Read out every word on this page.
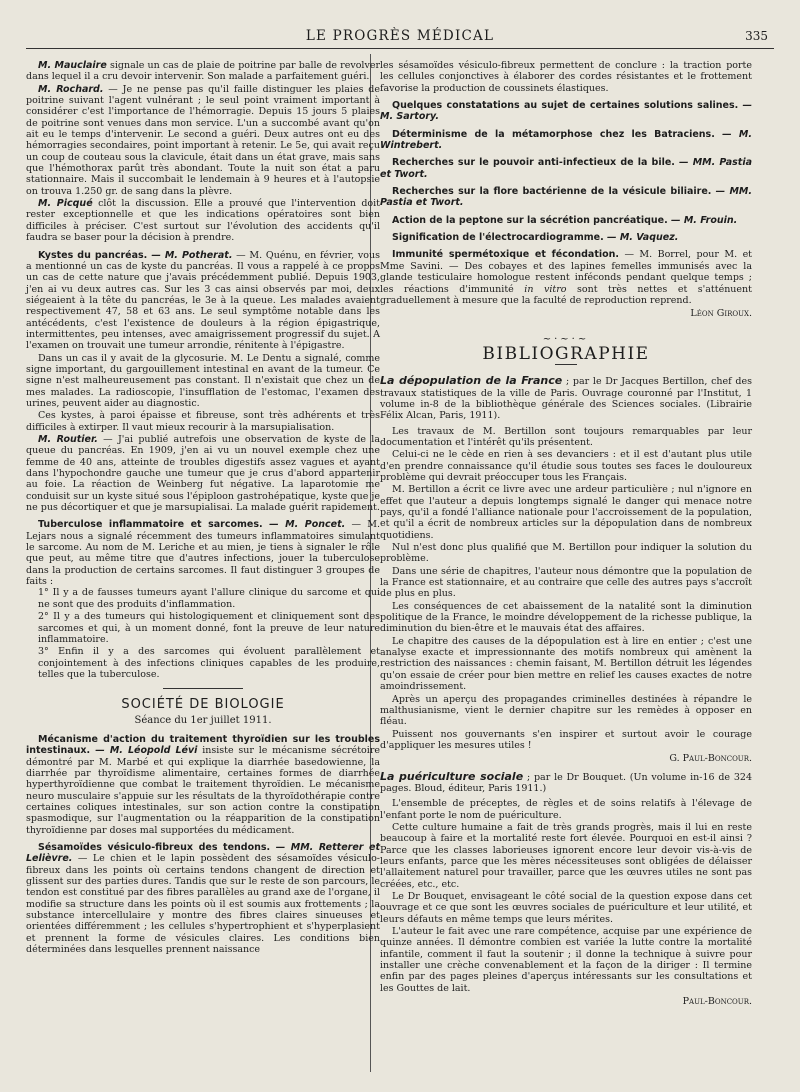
LE PROGRÈS MÉDICAL	335

M. Mauclaire signale un cas de plaie de poitrine par balle de revolver dans lequel il a cru devoir intervenir. Son malade a parfaitement guéri.

M. Rochard. — Je ne pense pas qu'il faille distinguer les plaies de poitrine suivant l'agent vulnérant ; le seul point vraiment important à considérer c'est l'importance de l'hémorragie. Depuis 15 jours 5 plaies de poitrine sont venues dans mon service. L'un a succombé avant qu'on ait eu le temps d'intervenir. Le second a guéri. Deux autres ont eu des hémorragies secondaires, point important à retenir. Le 5e, qui avait reçu un coup de couteau sous la clavicule, était dans un état grave, mais sans que l'hémothorax parût très abondant. Toute la nuit son état a paru stationnaire. Mais il succombait le lendemain à 9 heures et à l'autopsie on trouva 1.250 gr. de sang dans la plèvre.

M. Picqué clôt la discussion. Elle a prouvé que l'intervention doit rester exceptionnelle et que les indications opératoires sont bien difficiles à préciser. C'est surtout sur l'évolution des accidents qu'il faudra se baser pour la décision à prendre.

Kystes du pancréas. — M. Potherat. — M. Quénu, en février, vous a mentionné un cas de kyste du pancréas. Il vous a rappelé à ce propos un cas de cette nature que j'avais précédemment publié. Depuis 1903, j'en ai vu deux autres cas. Sur les 3 cas ainsi observés par moi, deux siégeaient à la tête du pancréas, le 3e à la queue. Les malades avaient respectivement 47, 58 et 63 ans. Le seul symptôme notable dans les antécédents, c'est l'existence de douleurs à la région épigastrique, intermittentes, peu intenses, avec amaigrissement progressif du sujet. A l'examen on trouvait une tumeur arrondie, rénitente à l'épigastre.

Dans un cas il y avait de la glycosurie. M. Le Dentu a signalé, comme signe important, du gargouillement intestinal en avant de la tumeur. Ce signe n'est malheureusement pas constant. Il n'existait que chez un de mes malades. La radioscopie, l'insufflation de l'estomac, l'examen des urines, peuvent aider au diagnostic.

Ces kystes, à paroi épaisse et fibreuse, sont très adhérents et très difficiles à extirper. Il vaut mieux recourir à la marsupialisation.

M. Routier. — J'ai publié autrefois une observation de kyste de la queue du pancréas. En 1909, j'en ai vu un nouvel exemple chez une femme de 40 ans, atteinte de troubles digestifs assez vagues et ayant dans l'hypochondre gauche une tumeur que je crus d'abord appartenir au foie. La réaction de Weinberg fut négative. La laparotomie me conduisit sur un kyste situé sous l'épiploon gastrohépatique, kyste que je ne pus décortiquer et que je marsupialisai. La malade guérit rapidement.

Tuberculose inflammatoire et sarcomes. — M. Poncet. — M. Lejars nous a signalé récemment des tumeurs inflammatoires simulant le sarcome. Au nom de M. Leriche et au mien, je tiens à signaler le rôle que peut, au même titre que d'autres infections, jouer la tuberculose dans la production de certains sarcomes. Il faut distinguer 3 groupes de faits :

1° Il y a de fausses tumeurs ayant l'allure clinique du sarcome et qui ne sont que des produits d'inflammation.

2° Il y a des tumeurs qui histologiquement et cliniquement sont des sarcomes et qui, à un moment donné, font la preuve de leur nature inflammatoire.

3° Enfin il y a des sarcomes qui évoluent parallèlement et conjointement à des infections cliniques capables de les produire, telles que la tuberculose.

SOCIÉTÉ DE BIOLOGIE
Séance du 1er juillet 1911.

Mécanisme d'action du traitement thyroïdien sur les troubles intestinaux. — M. Léopold Lévi insiste sur le mécanisme sécrétoire démontré par M. Marbé et qui explique la diarrhée basedowienne, la diarrhée par thyroïdisme alimentaire, certaines formes de diarrhée hyperthyroïdienne que combat le traitement thyroïdien. Le mécanisme neuro musculaire s'appuie sur les résultats de la thyroïdothérapie contre certaines coliques intestinales, sur son action contre la constipation spasmodique, sur l'augmentation ou la réapparition de la constipation thyroïdienne par doses mal supportées du médicament.

Sésamoïdes vésiculo-fibreux des tendons. — MM. Retterer et Lelièvre. — Le chien et le lapin possèdent des sésamoïdes vésiculo-fibreux dans les points où certains tendons changent de direction et glissent sur des parties dures. Tandis que sur le reste de son parcours, le tendon est constitué par des fibres parallèles au grand axe de l'organe, il modifie sa structure dans les points où il est soumis aux frottements ; la substance intercellulaire y montre des fibres claires sinueuses et orientées différemment ; les cellules s'hypertrophient et s'hyperplasient et prennent la forme de vésicules claires. Les conditions bien déterminées dans lesquelles prennent naissance

les sésamoïdes vésiculo-fibreux permettent de conclure : la traction porte les cellules conjonctives à élaborer des cordes résistantes et le frottement favorise la production de coussinets élastiques.

Quelques constatations au sujet de certaines solutions salines. — M. Sartory.

Déterminisme de la métamorphose chez les Batraciens. — M. Wintrebert.

Recherches sur le pouvoir anti-infectieux de la bile. — MM. Pastia et Twort.

Recherches sur la flore bactérienne de la vésicule biliaire. — MM. Pastia et Twort.

Action de la peptone sur la sécrétion pancréatique. — M. Frouin.

Signification de l'électrocardiogramme. — M. Vaquez.

Immunité spermétoxique et fécondation. — M. Borrel, pour M. et Mme Savini. — Des cobayes et des lapines femelles immunisés avec la glande testiculaire homologue restent inféconds pendant quelque temps ; les réactions d'immunité in vitro sont très nettes et s'atténuent graduellement à mesure que la faculté de reproduction reprend.

Léon Giroux.

~·~·~
BIBLIOGRAPHIE

La dépopulation de la France ; par le Dr Jacques Bertillon, chef des travaux statistiques de la ville de Paris. Ouvrage couronné par l'Institut, 1 volume in-8 de la bibliothèque générale des Sciences sociales. (Librairie Félix Alcan, Paris, 1911).

Les travaux de M. Bertillon sont toujours remarquables par leur documentation et l'intérêt qu'ils présentent.

Celui-ci ne le cède en rien à ses devanciers : et il est d'autant plus utile d'en prendre connaissance qu'il étudie sous toutes ses faces le douloureux problème qui devrait préoccuper tous les Français.

M. Bertillon a écrit ce livre avec une ardeur particulière ; nul n'ignore en effet que l'auteur a depuis longtemps signalé le danger qui menace notre pays, qu'il a fondé l'alliance nationale pour l'accroissement de la population, et qu'il a écrit de nombreux articles sur la dépopulation dans de nombreux quotidiens.

Nul n'est donc plus qualifié que M. Bertillon pour indiquer la solution du problème.

Dans une série de chapitres, l'auteur nous démontre que la population de la France est stationnaire, et au contraire que celle des autres pays s'accroît de plus en plus.

Les conséquences de cet abaissement de la natalité sont la diminution politique de la France, le moindre développement de la richesse publique, la diminution du bien-être et le mauvais état des affaires.

Le chapitre des causes de la dépopulation est à lire en entier ; c'est une analyse exacte et impressionnante des motifs nombreux qui amènent la restriction des naissances : chemin faisant, M. Bertillon détruit les légendes qu'on essaie de créer pour bien mettre en relief les causes exactes de notre amoindrissement.

Après un aperçu des propagandes criminelles destinées à répandre le malthusianisme, vient le dernier chapitre sur les remèdes à opposer en fléau.

Puissent nos gouvernants s'en inspirer et surtout avoir le courage d'appliquer les mesures utiles !

G. Paul-Boncour.

La puériculture sociale ; par le Dr Bouquet. (Un volume in-16 de 324 pages. Bloud, éditeur, Paris 1911.)

L'ensemble de préceptes, de règles et de soins relatifs à l'élevage de l'enfant porte le nom de puériculture.

Cette culture humaine a fait de très grands progrès, mais il lui en reste beaucoup à faire et la mortalité reste fort élevée. Pourquoi en est-il ainsi ? Parce que les classes laborieuses ignorent encore leur devoir vis-à-vis de leurs enfants, parce que les mères nécessiteuses sont obligées de délaisser l'allaitement naturel pour travailler, parce que les œuvres utiles ne sont pas créées, etc., etc.

Le Dr Bouquet, envisageant le côté social de la question expose dans cet ouvrage et ce que sont les œuvres sociales de puériculture et leur utilité, et leurs défauts en même temps que leurs mérites.

L'auteur le fait avec une rare compétence, acquise par une expérience de quinze années. Il démontre combien est variée la lutte contre la mortalité infantile, comment il faut la soutenir ; il donne la technique à suivre pour installer une crèche convenablement et la façon de la diriger : Il termine enfin par des pages pleines d'aperçus intéressants sur les consultations et les Gouttes de lait.

Paul-Boncour.
